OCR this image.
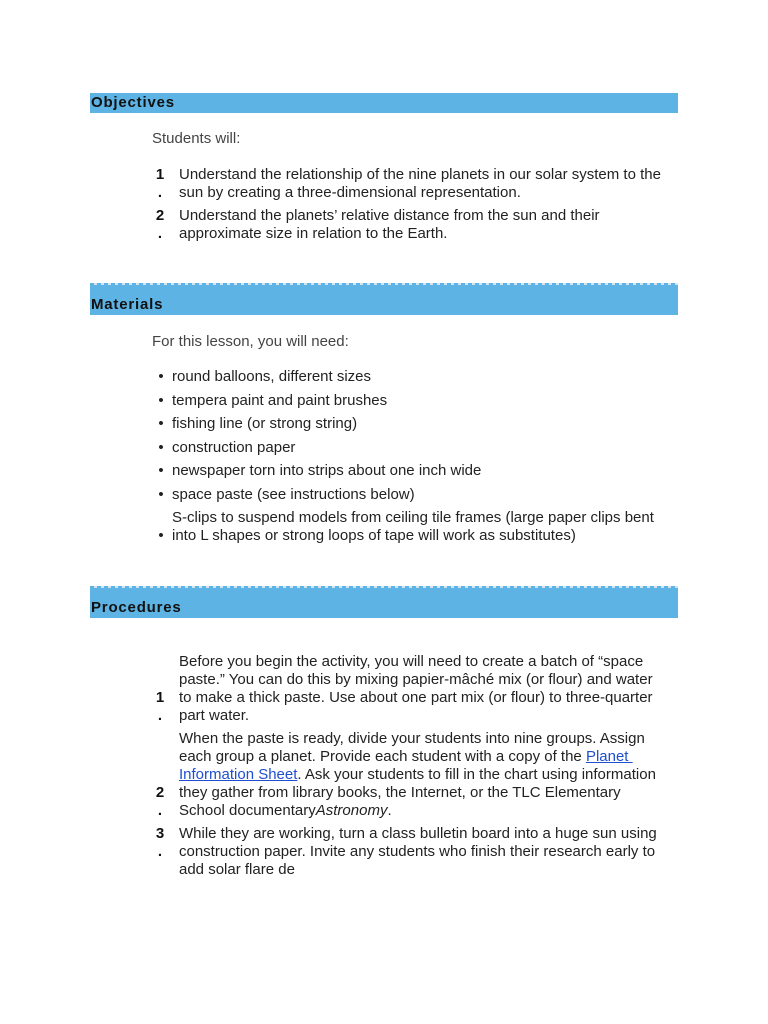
Objectives
Students will:
1
.
Understand the relationship of the nine planets in our solar system to the
sun by creating a three-dimensional representation.
2
.
Understand the planets’ relative distance from the sun and their
approximate size in relation to the Earth.
Materials
For this lesson, you will need:
• round balloons, different sizes
• tempera paint and paint brushes
• fishing line (or strong string)
• construction paper
• newspaper torn into strips about one inch wide
• space paste (see instructions below)
•
S-clips to suspend models from ceiling tile frames (large paper clips bent
into L shapes or strong loops of tape will work as substitutes)
Procedures
1
.
Before you begin the activity, you will need to create a batch of “space
paste.” You can do this by mixing papier-mâché mix (or flour) and water
to make a thick paste. Use about one part mix (or flour) to three-quarter
part water.
2
.
When the paste is ready, divide your students into nine groups. Assign
each group a planet. Provide each student with a copy of the Planet
Information Sheet. Ask your students to fill in the chart using information
they gather from library books, the Internet, or the TLC Elementary
School documentaryAstronomy.
3
.
While they are working, turn a class bulletin board into a huge sun using
construction paper. Invite any students who finish their research early to
add solar flare de
